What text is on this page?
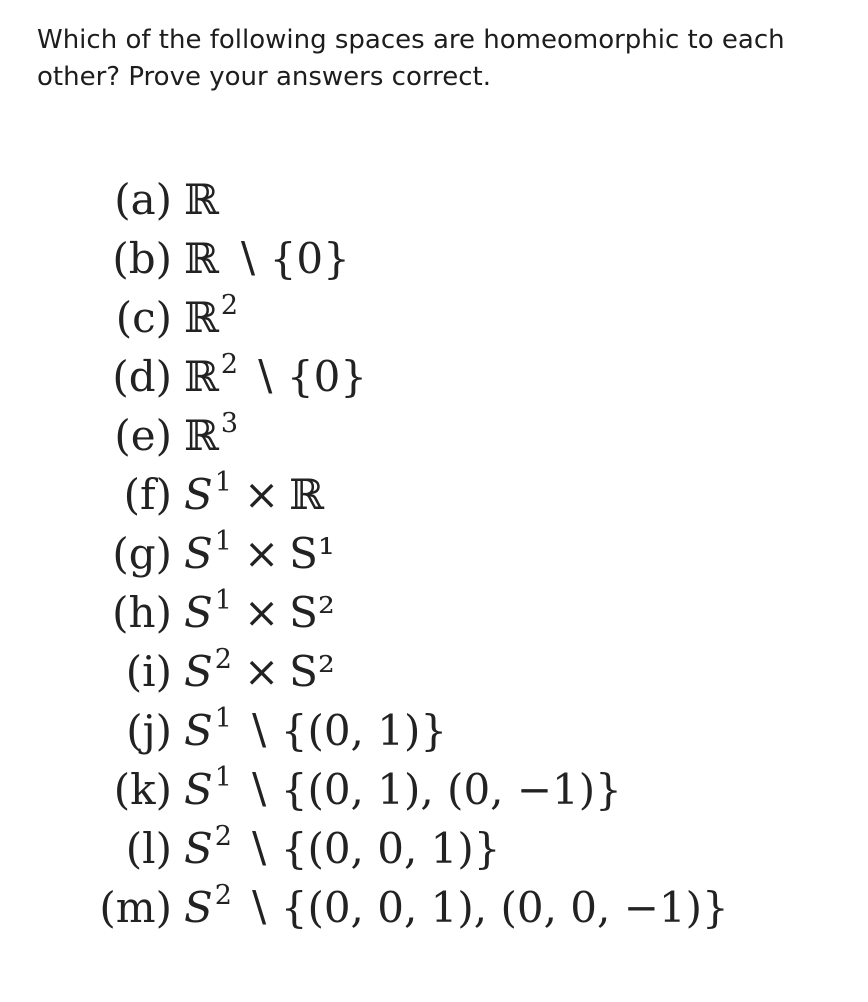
Which of the following spaces are homeomorphic to each
other? Prove your answers correct.
(a) ℝ
(b) ℝ ∖ {0}
(c) ℝ$^2$
(d) ℝ$^2$ ∖ {0}
(e) ℝ$^3$
(f) $S^1$ × ℝ
(g) $S^1 \times S^1$
(h) $S^1 \times S^2$
(i) $S^2 \times S^2$
(j) $S^1$ ∖ {(0, 1)}
(k) $S^1$ ∖ {(0, 1), (0, −1)}
(l) $S^2$ ∖ {(0, 0, 1)}
(m) $S^2$ ∖ {(0, 0, 1), (0, 0, −1)}
